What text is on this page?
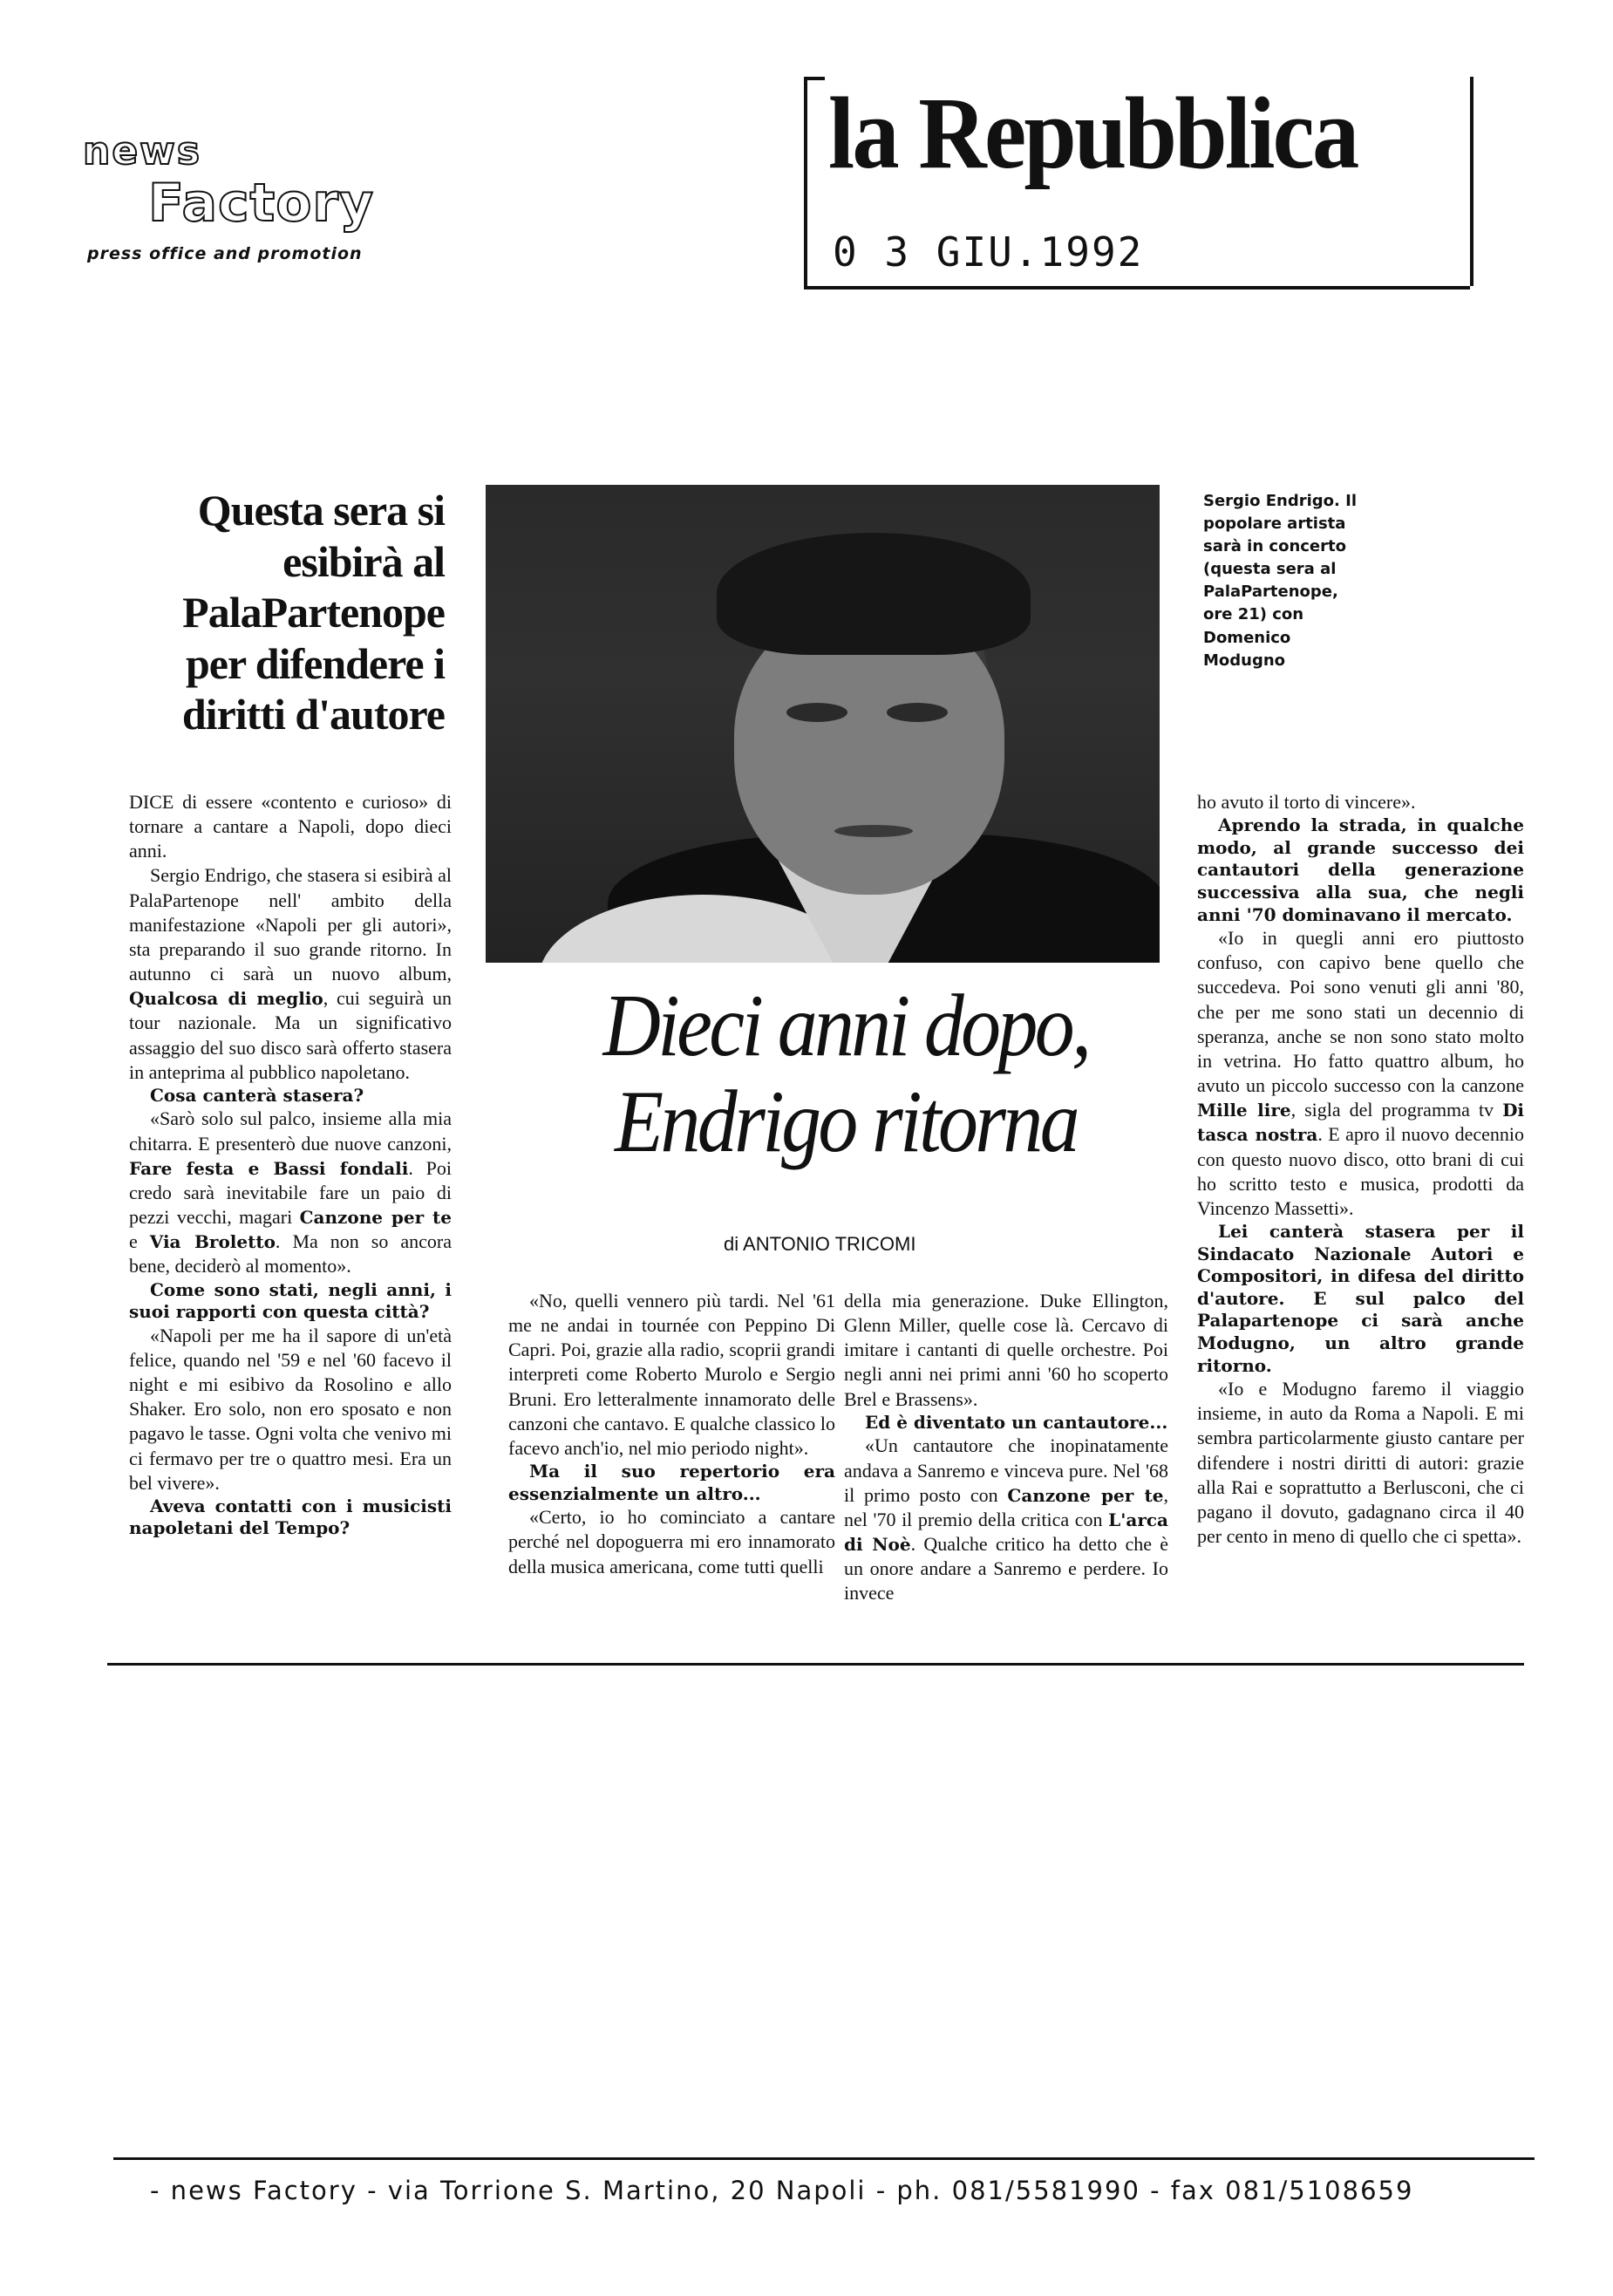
news
Factory
press office and promotion
la Repubblica
0 3 GIU.1992
Questa sera si esibirà al PalaPartenope per difendere i diritti d'autore
Sergio Endrigo. Il popolare artista sarà in concerto (questa sera al PalaPartenope, ore 21) con Domenico Modugno
Dieci anni dopo,
Endrigo ritorna
di ANTONIO TRICOMI

DICE di essere «contento e curioso» di tornare a cantare a Napoli, dopo dieci anni.

Sergio Endrigo, che stasera si esibirà al PalaPartenope nell' ambito della manifestazione «Napoli per gli autori», sta preparando il suo grande ritorno. In autunno ci sarà un nuovo album, Qualcosa di meglio, cui seguirà un tour nazionale. Ma un significativo assaggio del suo disco sarà offerto stasera in anteprima al pubblico napoletano.

Cosa canterà stasera?

«Sarò solo sul palco, insieme alla mia chitarra. E presenterò due nuove canzoni, Fare festa e Bassi fondali. Poi credo sarà inevitabile fare un paio di pezzi vecchi, magari Canzone per te e Via Broletto. Ma non so ancora bene, deciderò al momento».

Come sono stati, negli anni, i suoi rapporti con questa città?

«Napoli per me ha il sapore di un'età felice, quando nel '59 e nel '60 facevo il night e mi esibivo da Rosolino e allo Shaker. Ero solo, non ero sposato e non pagavo le tasse. Ogni volta che venivo mi ci fermavo per tre o quattro mesi. Era un bel vivere».

Aveva contatti con i musicisti napoletani del Tempo?

«No, quelli vennero più tardi. Nel '61 me ne andai in tournée con Peppino Di Capri. Poi, grazie alla radio, scoprii grandi interpreti come Roberto Murolo e Sergio Bruni. Ero letteralmente innamorato delle canzoni che cantavo. E qualche classico lo facevo anch'io, nel mio periodo night».

Ma il suo repertorio era essenzialmente un altro...

«Certo, io ho cominciato a cantare perché nel dopoguerra mi ero innamorato della musica americana, come tutti quelli

della mia generazione. Duke Ellington, Glenn Miller, quelle cose là. Cercavo di imitare i cantanti di quelle orchestre. Poi negli anni nei primi anni '60 ho scoperto Brel e Brassens».

Ed è diventato un cantautore...

«Un cantautore che inopinatamente andava a Sanremo e vinceva pure. Nel '68 il primo posto con Canzone per te, nel '70 il premio della critica con L'arca di Noè. Qualche critico ha detto che è un onore andare a Sanremo e perdere. Io invece

ho avuto il torto di vincere».

Aprendo la strada, in qualche modo, al grande successo dei cantautori della generazione successiva alla sua, che negli anni '70 dominavano il mercato.

«Io in quegli anni ero piuttosto confuso, con capivo bene quello che succedeva. Poi sono venuti gli anni '80, che per me sono stati un decennio di speranza, anche se non sono stato molto in vetrina. Ho fatto quattro album, ho avuto un piccolo successo con la canzone Mille lire, sigla del programma tv Di tasca nostra. E apro il nuovo decennio con questo nuovo disco, otto brani di cui ho scritto testo e musica, prodotti da Vincenzo Massetti».

Lei canterà stasera per il Sindacato Nazionale Autori e Compositori, in difesa del diritto d'autore. E sul palco del Palapartenope ci sarà anche Modugno, un altro grande ritorno.

«Io e Modugno faremo il viaggio insieme, in auto da Roma a Napoli. E mi sembra particolarmente giusto cantare per difendere i nostri diritti di autori: grazie alla Rai e soprattutto a Berlusconi, che ci pagano il dovuto, gadagnano circa il 40 per cento in meno di quello che ci spetta».

- news Factory - via Torrione S. Martino, 20 Napoli - ph. 081/5581990 - fax 081/5108659
